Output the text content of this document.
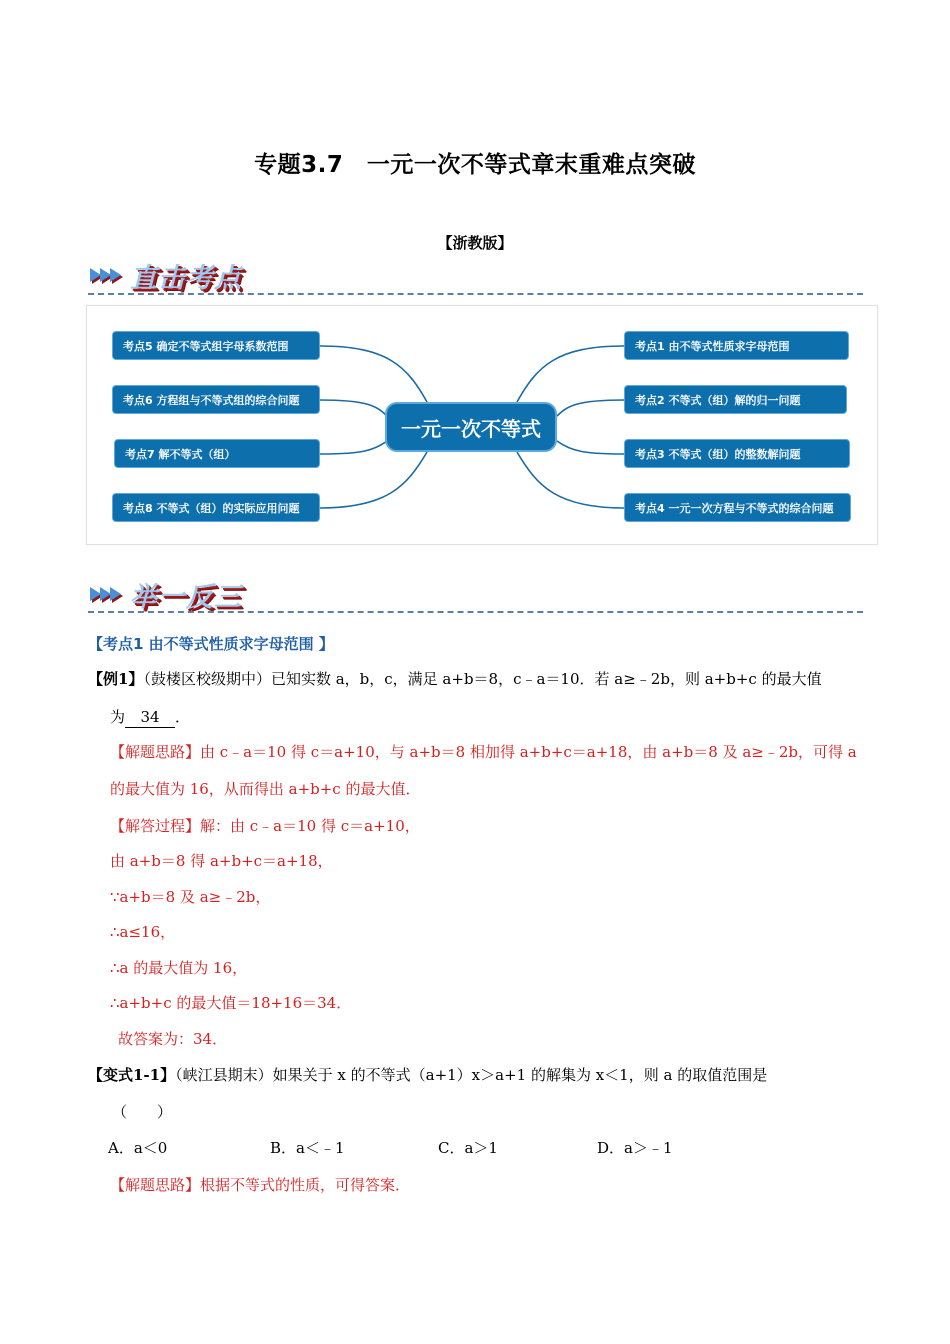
专题3.7　一元一次不等式章末重难点突破
【浙教版】
直击考点
考点5 确定不等式组字母系数范围
考点6 方程组与不等式组的综合问题
考点7 解不等式（组）
考点8 不等式（组）的实际应用问题
一元一次不等式
考点1 由不等式性质求字母范围
考点2 不等式（组）解的归一问题
考点3 不等式（组）的整数解问题
考点4 一元一次方程与不等式的综合问题
举一反三
【考点1 由不等式性质求字母范围 】
【例1】（鼓楼区校级期中）已知实数 a，b，c，满足 a+b＝8，c﹣a＝10．若 a≥﹣2b，则 a+b+c 的最大值
为 34 ．
【解题思路】由 c﹣a＝10 得 c＝a+10，与 a+b＝8 相加得 a+b+c＝a+18，由 a+b＝8 及 a≥﹣2b，可得 a
的最大值为 16，从而得出 a+b+c 的最大值．
【解答过程】解：由 c﹣a＝10 得 c＝a+10，
由 a+b＝8 得 a+b+c＝a+18，
∵a+b＝8 及 a≥﹣2b，
∴a≤16，
∴a 的最大值为 16，
∴a+b+c 的最大值＝18+16＝34．
故答案为：34．
【变式1-1】（峡江县期末）如果关于 x 的不等式（a+1）x＞a+1 的解集为 x＜1，则 a 的取值范围是
（　　）
A．a＜0	B．a＜﹣1	C．a＞1	D．a＞﹣1
【解题思路】根据不等式的性质，可得答案．
